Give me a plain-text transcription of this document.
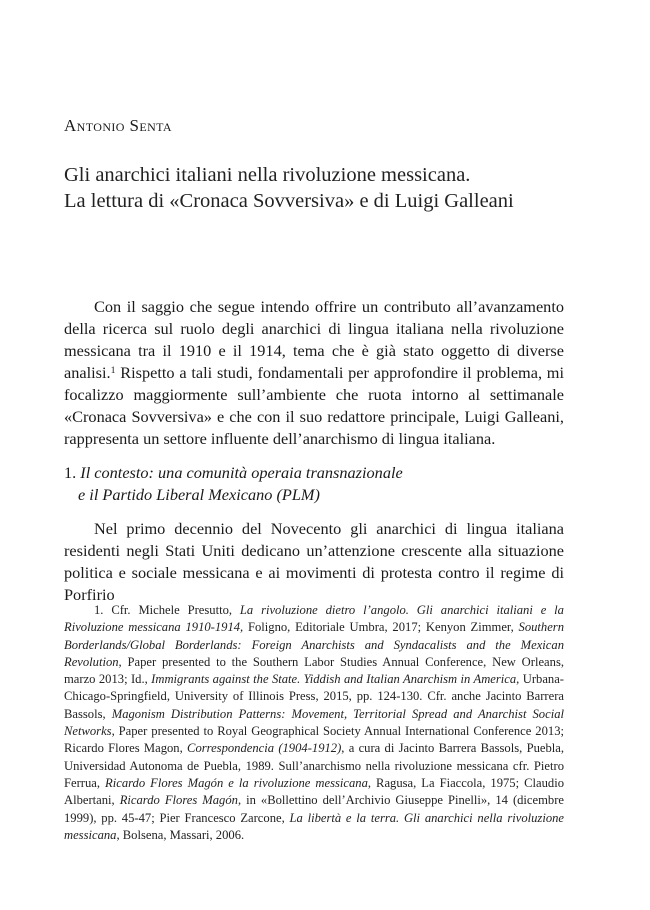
Antonio Senta
Gli anarchici italiani nella rivoluzione messicana.
La lettura di «Cronaca Sovversiva» e di Luigi Galleani

Con il saggio che segue intendo offrire un contributo all’avanzamento della ricerca sul ruolo degli anarchici di lingua italiana nella rivoluzione messicana tra il 1910 e il 1914, tema che è già stato oggetto di diverse analisi.$^1$ Rispetto a tali studi, fondamentali per approfondire il problema, mi focalizzo maggiormente sull’ambiente che ruota intorno al settimanale «Cronaca Sovversiva» e che con il suo redattore principale, Luigi Galleani, rappresenta un settore influente dell’anarchismo di lingua italiana.

1. Il contesto: una comunità operaia transnazionale
e il Partido Liberal Mexicano (PLM)

Nel primo decennio del Novecento gli anarchici di lingua italiana residenti negli Stati Uniti dedicano un’attenzione crescente alla situazione politica e sociale messicana e ai movimenti di protesta contro il regime di Porfirio

1. Cfr. Michele Presutto, La rivoluzione dietro l’angolo. Gli anarchici italiani e la Rivoluzione messicana 1910-1914, Foligno, Editoriale Umbra, 2017; Kenyon Zimmer, Southern Borderlands/Global Borderlands: Foreign Anarchists and Syndacalists and the Mexican Revolution, Paper presented to the Southern Labor Studies Annual Conference, New Orleans, marzo 2013; Id., Immigrants against the State. Yiddish and Italian Anarchism in America, Urbana-Chicago-Springfield, University of Illinois Press, 2015, pp. 124-130. Cfr. anche Jacinto Barrera Bassols, Magonism Distribution Patterns: Movement, Territorial Spread and Anarchist Social Networks, Paper presented to Royal Geographical Society Annual International Conference 2013; Ricardo Flores Magon, Correspondencia (1904-1912), a cura di Jacinto Barrera Bassols, Puebla, Universidad Autonoma de Puebla, 1989. Sull’anarchismo nella rivoluzione messicana cfr. Pietro Ferrua, Ricardo Flores Magón e la rivoluzione messicana, Ragusa, La Fiaccola, 1975; Claudio Albertani, Ricardo Flores Magón, in «Bollettino dell’Archivio Giuseppe Pinelli», 14 (dicembre 1999), pp. 45-47; Pier Francesco Zarcone, La libertà e la terra. Gli anarchici nella rivoluzione messicana, Bolsena, Massari, 2006.
